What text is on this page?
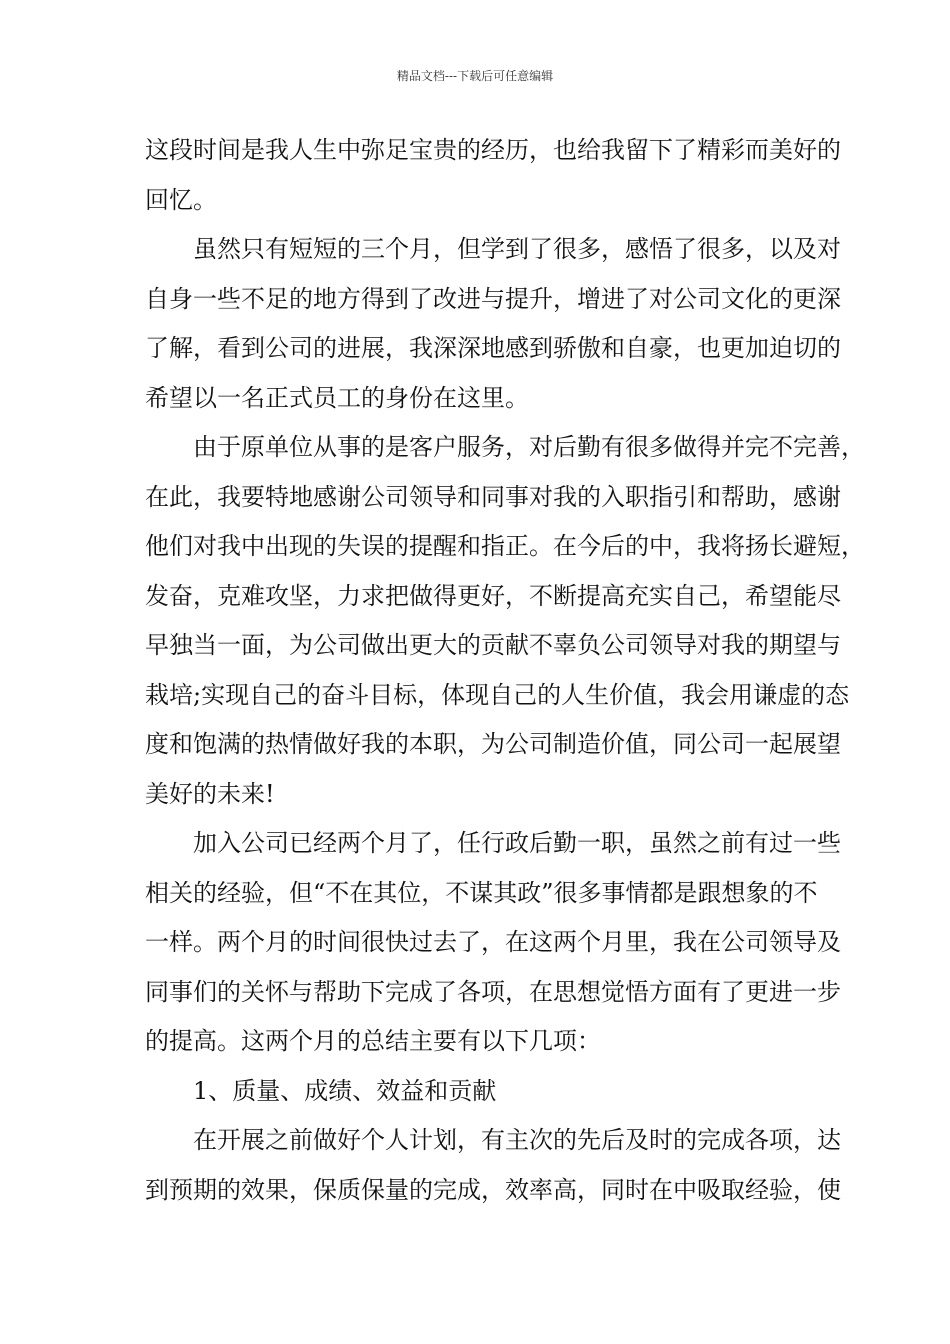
精品文档---下载后可任意编辑
这段时间是我人生中弥足宝贵的经历，也给我留下了精彩而美好的
回忆。
虽然只有短短的三个月，但学到了很多，感悟了很多，以及对
自身一些不足的地方得到了改进与提升，增进了对公司文化的更深
了解，看到公司的进展，我深深地感到骄傲和自豪，也更加迫切的
希望以一名正式员工的身份在这里。
由于原单位从事的是客户服务，对后勤有很多做得并完不完善，
在此，我要特地感谢公司领导和同事对我的入职指引和帮助，感谢
他们对我中出现的失误的提醒和指正。在今后的中，我将扬长避短，
发奋，克难攻坚，力求把做得更好，不断提高充实自己，希望能尽
早独当一面，为公司做出更大的贡献不辜负公司领导对我的期望与
栽培;实现自己的奋斗目标，体现自己的人生价值，我会用谦虚的态
度和饱满的热情做好我的本职，为公司制造价值，同公司一起展望
美好的未来!
加入公司已经两个月了，任行政后勤一职，虽然之前有过一些
相关的经验，但“不在其位，不谋其政”很多事情都是跟想象的不
一样。两个月的时间很快过去了，在这两个月里，我在公司领导及
同事们的关怀与帮助下完成了各项，在思想觉悟方面有了更进一步
的提高。这两个月的总结主要有以下几项：
1、质量、成绩、效益和贡献
在开展之前做好个人计划，有主次的先后及时的完成各项，达
到预期的效果，保质保量的完成，效率高，同时在中吸取经验，使
